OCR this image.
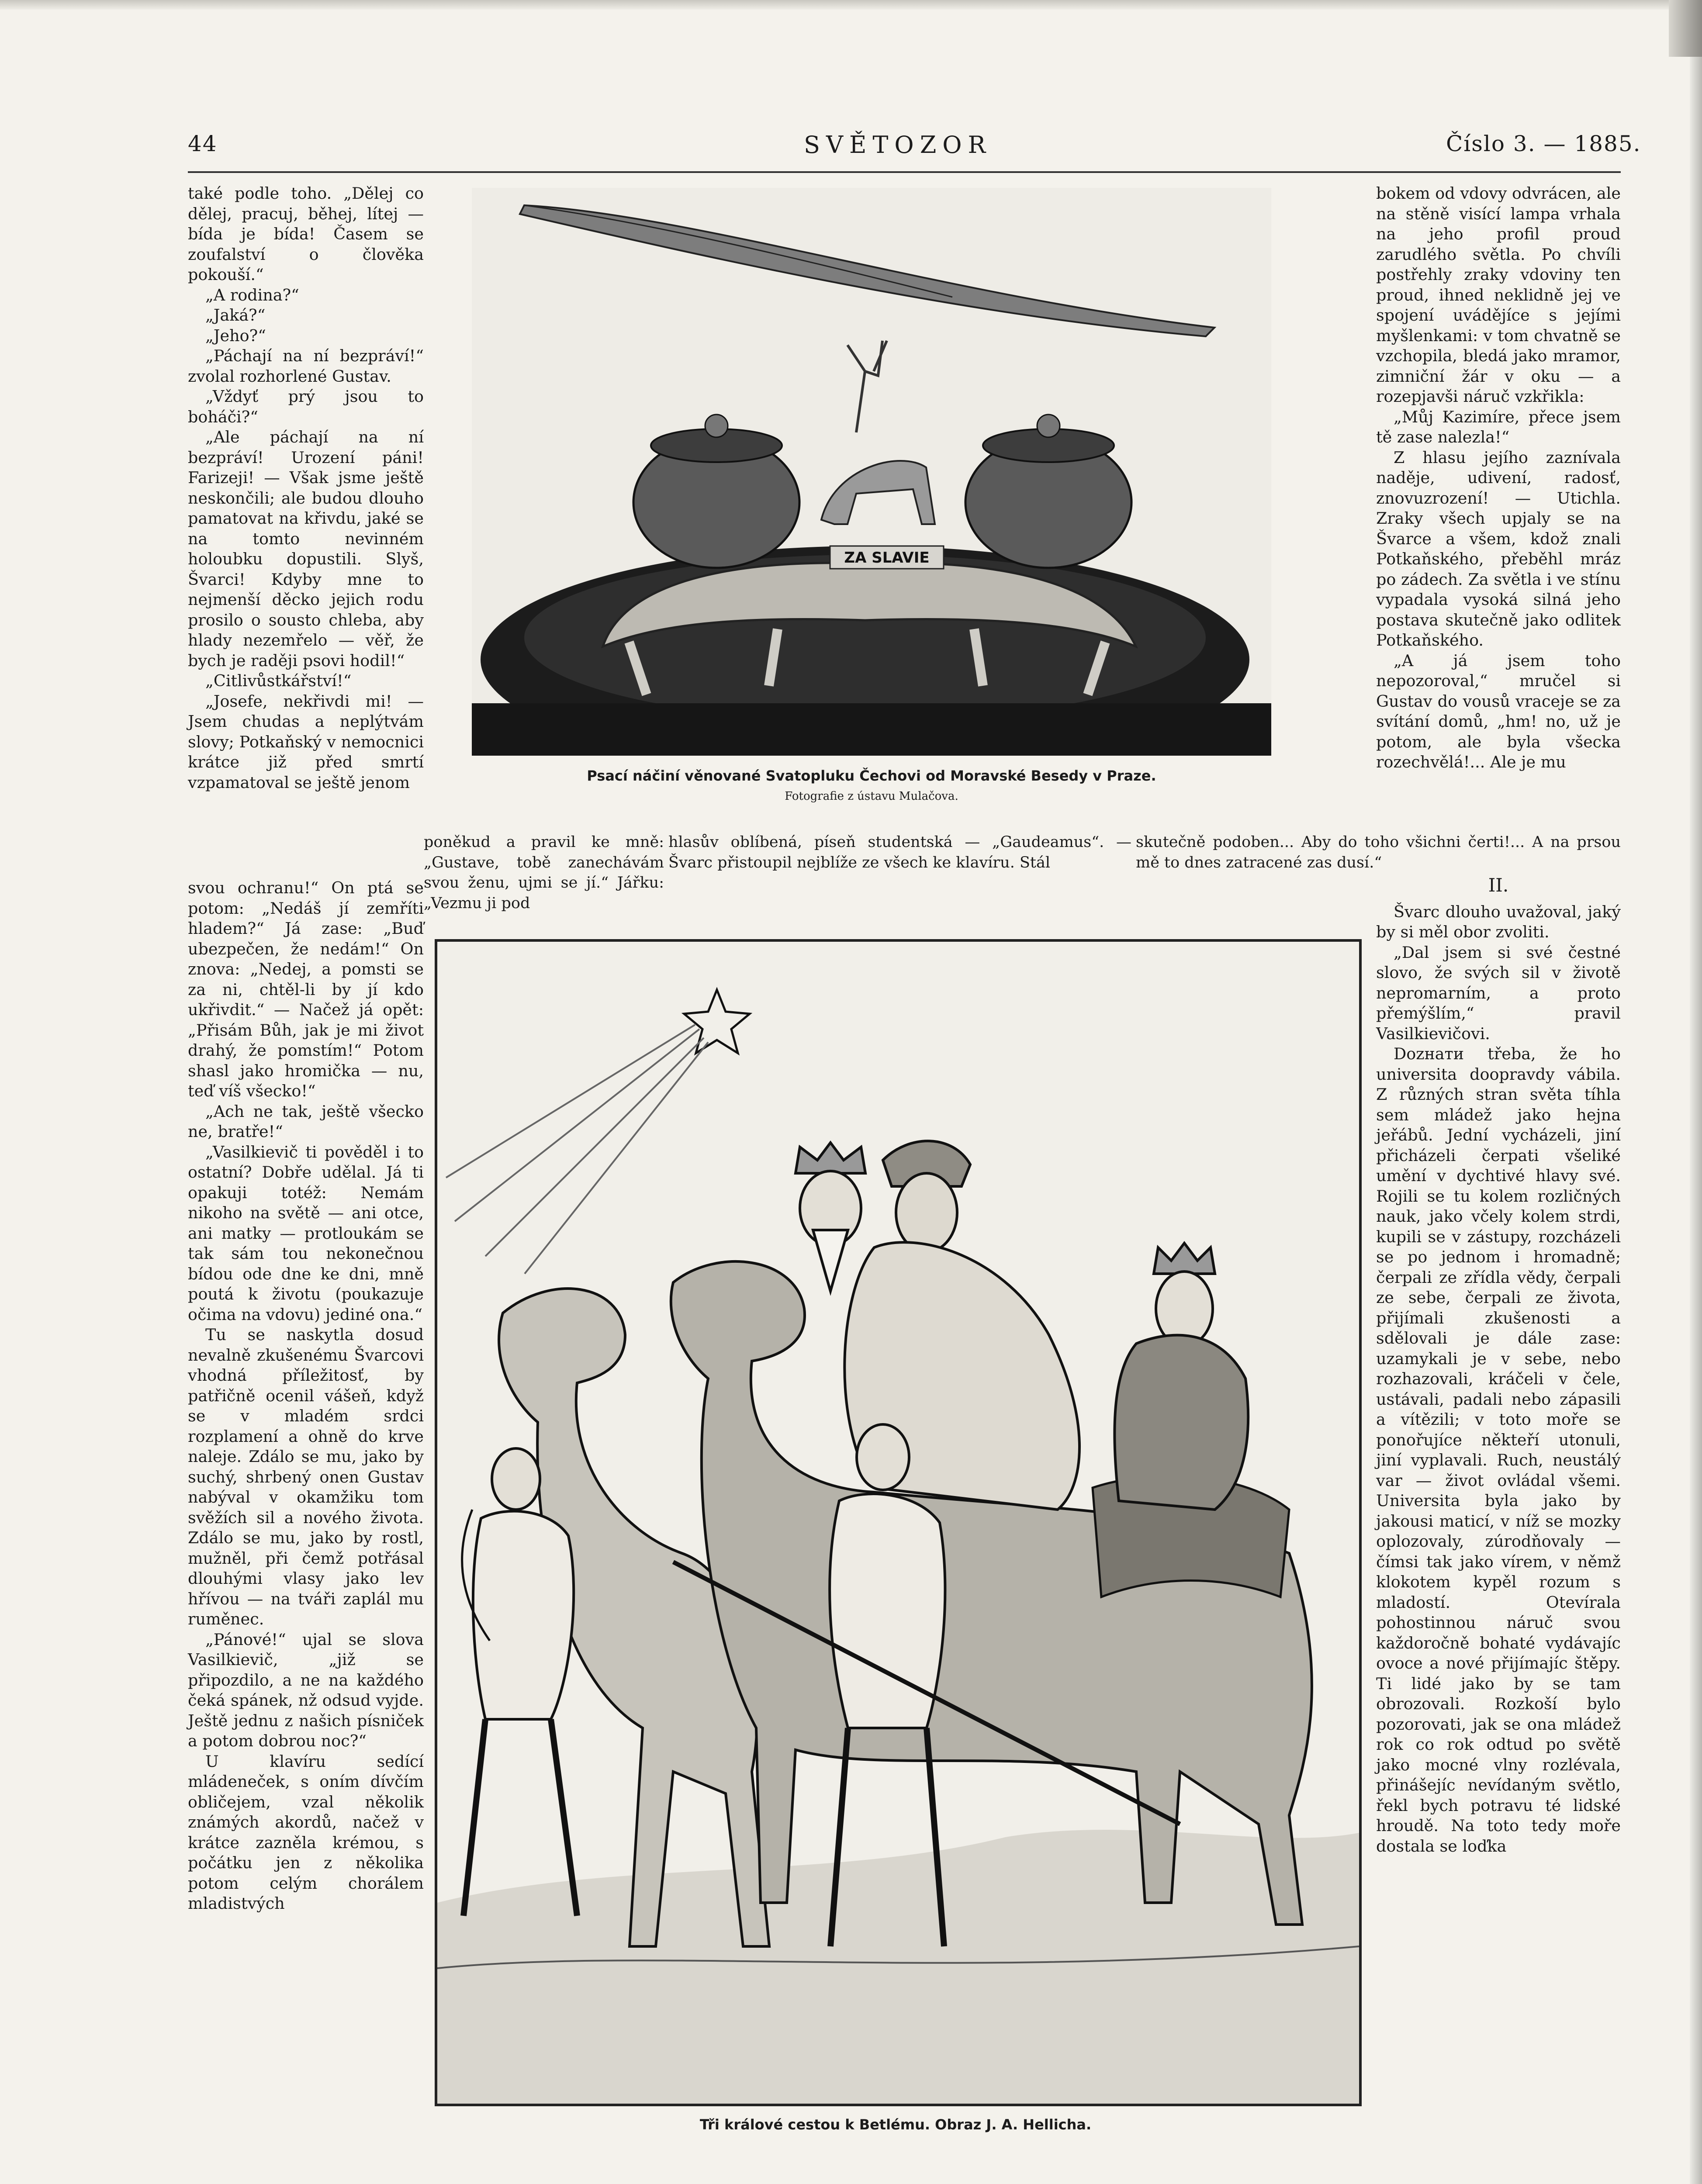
44	SVĚTOZOR	Číslo 3. — 1885.

také podle toho. „Dělej co dělej, pracuj, běhej, lítej — bída je bída! Časem se zoufalství o člověka pokouší.“

„A rodina?“

„Jaká?“

„Jeho?“

„Páchají na ní bezpráví!“ zvolal rozhorlené Gustav.

„Vždyť prý jsou to boháči?“

„Ale páchají na ní bezpráví! Urození páni! Farizeji! — Však jsme ještě neskončili; ale budou dlouho pamatovat na křivdu, jaké se na tomto nevinném holoubku dopustili. Slyš, Švarci! Kdyby mne to nejmenší děcko jejich rodu prosilo o sousto chleba, aby hlady nezemřelo — věř, že bych je raději psovi hodil!“

„Citlivůstkářství!“

„Josefe, nekřivdi mi! — Jsem chudas a neplýtvám slovy; Potkaňský v nemocnici krátce již před smrtí vzpamatoval se ještě jenom

ZA SLAVIE
Psací náčiní věnované Svatopluku Čechovi od Moravské Besedy v Praze.
Fotografie z ústavu Mulačova.

bokem od vdovy odvrácen, ale na stěně visící lampa vrhala na jeho profil proud zarudlého světla. Po chvíli postřehly zraky vdoviny ten proud, ihned neklidně jej ve spojení uvádějíce s jejími myšlenkami: v tom chvatně se vzchopila, bledá jako mramor, zimniční žár v oku — a rozepjavši náruč vzkřikla:

„Můj Kazimíre, přece jsem tě zase nalezla!“

Z hlasu jejího zaznívala naděje, udivení, radosť, znovuzrození! — Utichla. Zraky všech upjaly se na Švarce a všem, kdož znali Potkaňského, přeběhl mráz po zádech. Za světla i ve stínu vypadala vysoká silná jeho postava skutečně jako odlitek Potkaňského.

„A já jsem toho nepozoroval,“ mručel si Gustav do vousů vraceje se za svítání domů, „hm! no, už je potom, ale byla všecka rozechvělá!... Ale je mu

poněkud a pravil ke mně: „Gustave, tobě zanechávám svou ženu, ujmi se jí.“ Jářku: „Vezmu ji pod

hlasův oblíbená, píseň studentská — „Gaudeamus“. — Švarc přistoupil nejblíže ze všech ke klavíru. Stál

skutečně podoben... Aby do toho všichni čerti!... A na prsou mě to dnes zatracené zas dusí.“

svou ochranu!“ On ptá se potom: „Nedáš jí zemříti hladem?“ Já zase: „Buď ubezpečen, že nedám!“ On znova: „Nedej, a pomsti se za ni, chtěl-li by jí kdo ukřivdit.“ — Načež já opět: „Přisám Bůh, jak je mi život drahý, že pomstím!“ Potom shasl jako hromička — nu, teď víš všecko!“

„Ach ne tak, ještě všecko ne, bratře!“

„Vasilkievič ti pověděl i to ostatní? Dobře udělal. Já ti opakuji totéž: Nemám nikoho na světě — ani otce, ani matky — protloukám se tak sám tou nekonečnou bídou ode dne ke dni, mně poutá k životu (poukazuje očima na vdovu) jediné ona.“

Tu se naskytla dosud nevalně zkušenému Švarcovi vhodná příležitosť, by patřičně ocenil vášeň, když se v mladém srdci rozplamení a ohně do krve naleje. Zdálo se mu, jako by suchý, shrbený onen Gustav nabýval v okamžiku tom svěžích sil a nového života. Zdálo se mu, jako by rostl, mužněl, při čemž potřásal dlouhými vlasy jako lev hřívou — na tváři zaplál mu ruměnec.

„Pánové!“ ujal se slova Vasilkievič, „již se připozdilo, a ne na každého čeká spánek, nž odsud vyjde. Ještě jednu z našich písniček a potom dobrou noc?“

U klavíru sedící mládeneček, s oním dívčím obličejem, vzal několik známých akordů, načež v krátce zazněla krémou, s počátku jen z několika potom celým chorálem mladistvých

Tři králové cestou k Betlému. Obraz J. A. Hellicha.

II.

Švarc dlouho uvažoval, jaký by si měl obor zvoliti.

„Dal jsem si své čestné slovo, že svých sil v životě nepromarním, a proto přemýšlím,“ pravil Vasilkievičovi.

Dozнати třeba, že ho universita doopravdy vábila. Z různých stran světa tíhla sem mládež jako hejna jeřábů. Jední vycházeli, jiní přicházeli čerpati všeliké umění v dychtivé hlavy své. Rojili se tu kolem rozličných nauk, jako včely kolem strdi, kupili se v zástupy, rozcházeli se po jednom i hromadně; čerpali ze zřídla vědy, čerpali ze sebe, čerpali ze života, přijímali zkušenosti a sdělovali je dále zase: uzamykali je v sebe, nebo rozhazovali, kráčeli v čele, ustávali, padali nebo zápasili a vítězili; v toto moře se ponořujíce někteří utonuli, jiní vyplavali. Ruch, neustálý var — život ovládal všemi. Universita byla jako by jakousi maticí, v níž se mozky oplozovaly, zúrodňovaly — čímsi tak jako vírem, v němž klokotem kypěl rozum s mladostí. Otevírala pohostinnou náruč svou každoročně bohaté vydávajíc ovoce a nové přijímajíc štěpy. Ti lidé jako by se tam obrozovali. Rozkoší bylo pozorovati, jak se ona mládež rok co rok odtud po světě jako mocné vlny rozlévala, přinášejíc nevídaným světlo, řekl bych potravu té lidské hroudě. Na toto tedy moře dostala se loďka
